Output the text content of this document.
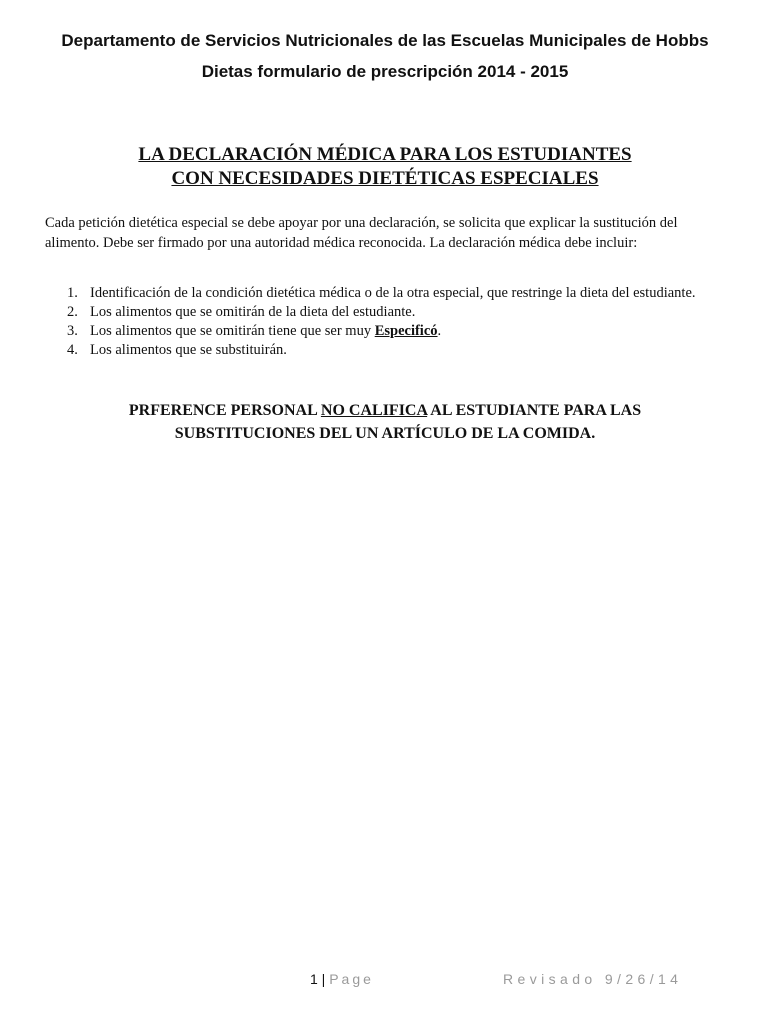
Departamento de Servicios Nutricionales de las Escuelas Municipales de Hobbs
Dietas formulario de prescripción 2014 - 2015
LA DECLARACIÓN MÉDICA PARA LOS ESTUDIANTES
CON NECESIDADES DIETÉTICAS ESPECIALES

Cada petición dietética especial se debe apoyar por una declaración, se solicita que explicar la sustitución del alimento. Debe ser firmado por una autoridad médica reconocida. La declaración médica debe incluir:

1. Identificación de la condición dietética médica o de la otra especial, que restringe la dieta del estudiante.
2. Los alimentos que se omitirán de la dieta del estudiante.
3. Los alimentos que se omitirán tiene que ser muy Especificó.
4. Los alimentos que se substituirán.
PRFERENCE PERSONAL NO CALIFICA AL ESTUDIANTE PARA LAS
SUBSTITUCIONES DEL UN ARTÍCULO DE LA COMIDA.
1 | Page	Revisado 9/26/14
